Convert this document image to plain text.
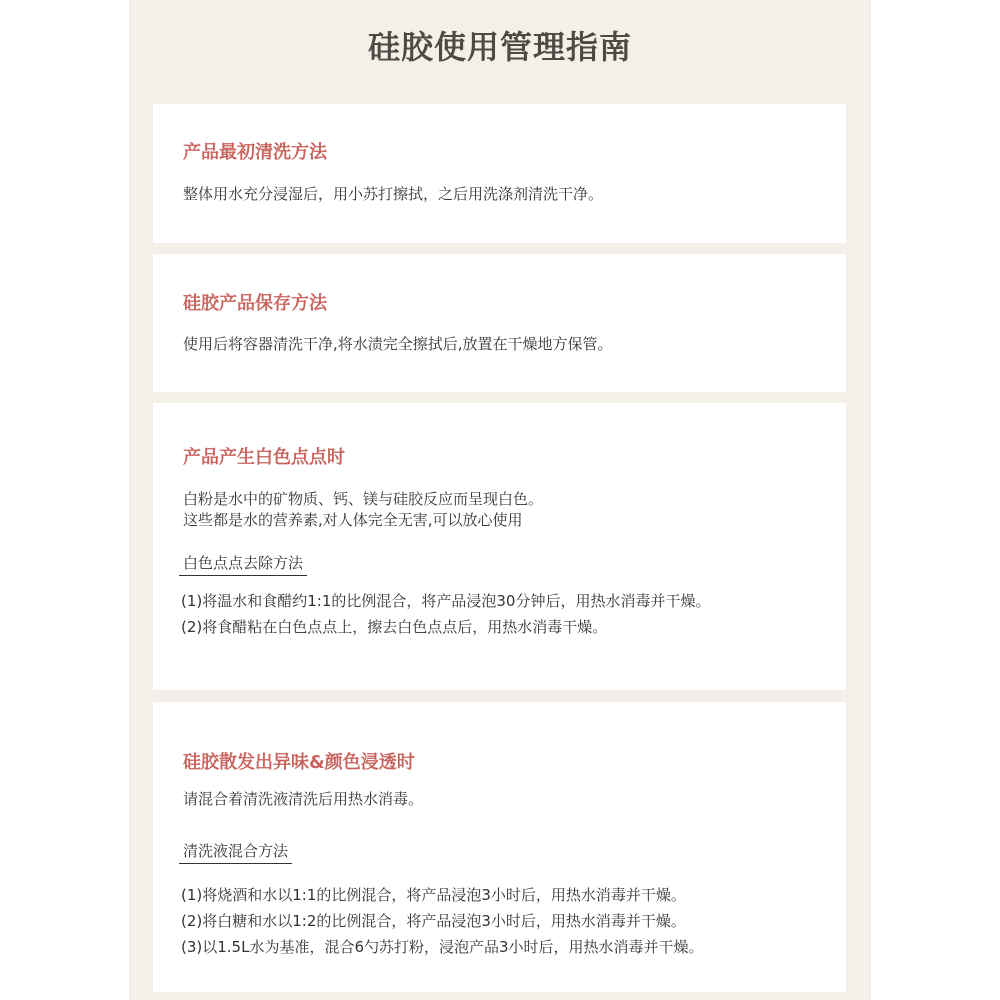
硅胶使用管理指南
产品最初清洗方法
整体用水充分浸湿后，用小苏打擦拭，之后用洗涤剂清洗干净。
硅胶产品保存方法
使用后将容器清洗干净,将水渍完全擦拭后,放置在干燥地方保管。
产品产生白色点点时
白粉是水中的矿物质、钙、镁与硅胶反应而呈现白色。
这些都是水的营养素,对人体完全无害,可以放心使用
白色点点去除方法
(1)将温水和食醋约1:1的比例混合，将产品浸泡30分钟后，用热水消毒并干燥。
(2)将食醋粘在白色点点上，擦去白色点点后，用热水消毒干燥。
硅胶散发出异味&颜色浸透时
请混合着清洗液清洗后用热水消毒。
清洗液混合方法
(1)将烧酒和水以1:1的比例混合，将产品浸泡3小时后，用热水消毒并干燥。
(2)将白糖和水以1:2的比例混合，将产品浸泡3小时后，用热水消毒并干燥。
(3)以1.5L水为基准，混合6勺苏打粉，浸泡产品3小时后，用热水消毒并干燥。
